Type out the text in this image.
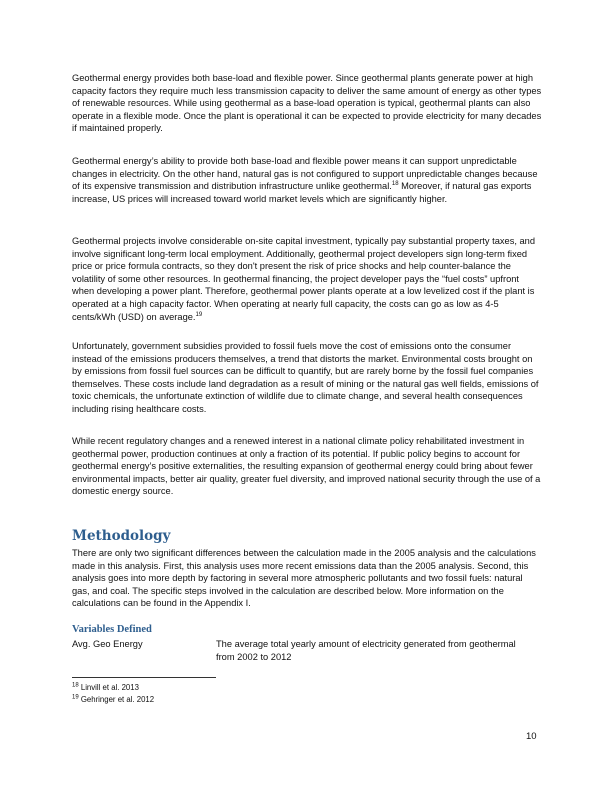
Geothermal energy provides both base-load and flexible power. Since geothermal plants generate power at high capacity factors they require much less transmission capacity to deliver the same amount of energy as other types of renewable resources. While using geothermal as a base-load operation is typical, geothermal plants can also operate in a flexible mode. Once the plant is operational it can be expected to provide electricity for many decades if maintained properly.

Geothermal energy’s ability to provide both base-load and flexible power means it can support unpredictable changes in electricity. On the other hand, natural gas is not configured to support unpredictable changes because of its expensive transmission and distribution infrastructure unlike geothermal.$^{18}$ Moreover, if natural gas exports increase, US prices will increased toward world market levels which are significantly higher.

Geothermal projects involve considerable on-site capital investment, typically pay substantial property taxes, and involve significant long-term local employment. Additionally, geothermal project developers sign long-term fixed price or price formula contracts, so they don't present the risk of price shocks and help counter-balance the volatility of some other resources. In geothermal financing, the project developer pays the “fuel costs” upfront when developing a power plant. Therefore, geothermal power plants operate at a low levelized cost if the plant is operated at a high capacity factor. When operating at nearly full capacity, the costs can go as low as 4-5 cents/kWh (USD) on average.$^{19}$

Unfortunately, government subsidies provided to fossil fuels move the cost of emissions onto the consumer instead of the emissions producers themselves, a trend that distorts the market. Environmental costs brought on by emissions from fossil fuel sources can be difficult to quantify, but are rarely borne by the fossil fuel companies themselves. These costs include land degradation as a result of mining or the natural gas well fields, emissions of toxic chemicals, the unfortunate extinction of wildlife due to climate change, and several health consequences including rising healthcare costs.

While recent regulatory changes and a renewed interest in a national climate policy rehabilitated investment in geothermal power, production continues at only a fraction of its potential. If public policy begins to account for geothermal energy’s positive externalities, the resulting expansion of geothermal energy could bring about fewer environmental impacts, better air quality, greater fuel diversity, and improved national security through the use of a domestic energy source.

Methodology

There are only two significant differences between the calculation made in the 2005 analysis and the calculations made in this analysis. First, this analysis uses more recent emissions data than the 2005 analysis. Second, this analysis goes into more depth by factoring in several more atmospheric pollutants and two fossil fuels: natural gas, and coal. The specific steps involved in the calculation are described below. More information on the calculations can be found in the Appendix I.

Variables Defined
Avg. Geo Energy	The average total yearly amount of electricity generated from geothermal from 2002 to 2012
$^{18}$ Linvill et al. 2013
$^{19}$ Gehringer et al. 2012
10
